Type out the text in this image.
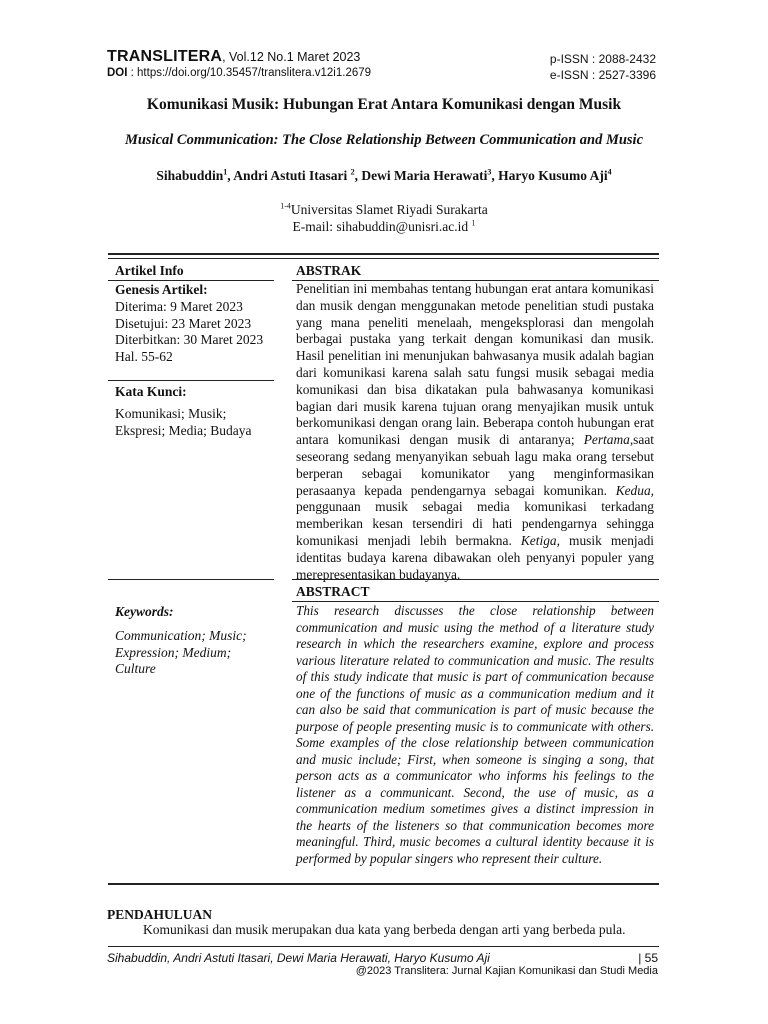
TRANSLITERA, Vol.12 No.1 Maret 2023
DOI : https://doi.org/10.35457/translitera.v12i1.2679
p-ISSN : 2088-2432
e-ISSN : 2527-3396
Komunikasi Musik: Hubungan Erat Antara Komunikasi dengan Musik
Musical Communication: The Close Relationship Between Communication and Music
Sihabuddin$^1$, Andri Astuti Itasari $^2$, Dewi Maria Herawati$^3$, Haryo Kusumo Aji$^4$
$^{1-4}$Universitas Slamet Riyadi Surakarta
E-mail: sihabuddin@unisri.ac.id $^1$
Artikel Info
Genesis Artikel:
Diterima: 9 Maret 2023
Disetujui: 23 Maret 2023
Diterbitkan: 30 Maret 2023
Hal. 55-62
Kata Kunci:
Komunikasi; Musik; Ekspresi; Media; Budaya
Keywords:
Communication; Music; Expression; Medium; Culture
ABSTRAK
Penelitian ini membahas tentang hubungan erat antara komunikasi dan musik dengan menggunakan metode penelitian studi pustaka yang mana peneliti menelaah, mengeksplorasi dan mengolah berbagai pustaka yang terkait dengan komunikasi dan musik. Hasil penelitian ini menunjukan bahwasanya musik adalah bagian dari komunikasi karena salah satu fungsi musik sebagai media komunikasi dan bisa dikatakan pula bahwasanya komunikasi bagian dari musik karena tujuan orang menyajikan musik untuk berkomunikasi dengan orang lain. Beberapa contoh hubungan erat antara komunikasi dengan musik di antaranya; Pertama,saat seseorang sedang menyanyikan sebuah lagu maka orang tersebut berperan sebagai komunikator yang menginformasikan perasaanya kepada pendengarnya sebagai komunikan. Kedua, penggunaan musik sebagai media komunikasi terkadang memberikan kesan tersendiri di hati pendengarnya sehingga komunikasi menjadi lebih bermakna. Ketiga, musik menjadi identitas budaya karena dibawakan oleh penyanyi populer yang merepresentasikan budayanya.
ABSTRACT
This research discusses the close relationship between communication and music using the method of a literature study research in which the researchers examine, explore and process various literature related to communication and music. The results of this study indicate that music is part of communication because one of the functions of music as a communication medium and it can also be said that communication is part of music because the purpose of people presenting music is to communicate with others. Some examples of the close relationship between communication and music include; First, when someone is singing a song, that person acts as a communicator who informs his feelings to the listener as a communicant. Second, the use of music, as a communication medium sometimes gives a distinct impression in the hearts of the listeners so that communication becomes more meaningful. Third, music becomes a cultural identity because it is performed by popular singers who represent their culture.
PENDAHULUAN
Komunikasi dan musik merupakan dua kata yang berbeda dengan arti yang berbeda pula.
Sihabuddin, Andri Astuti Itasari, Dewi Maria Herawati, Haryo Kusumo Aji	| 55
@2023 Translitera: Jurnal Kajian Komunikasi dan Studi Media
